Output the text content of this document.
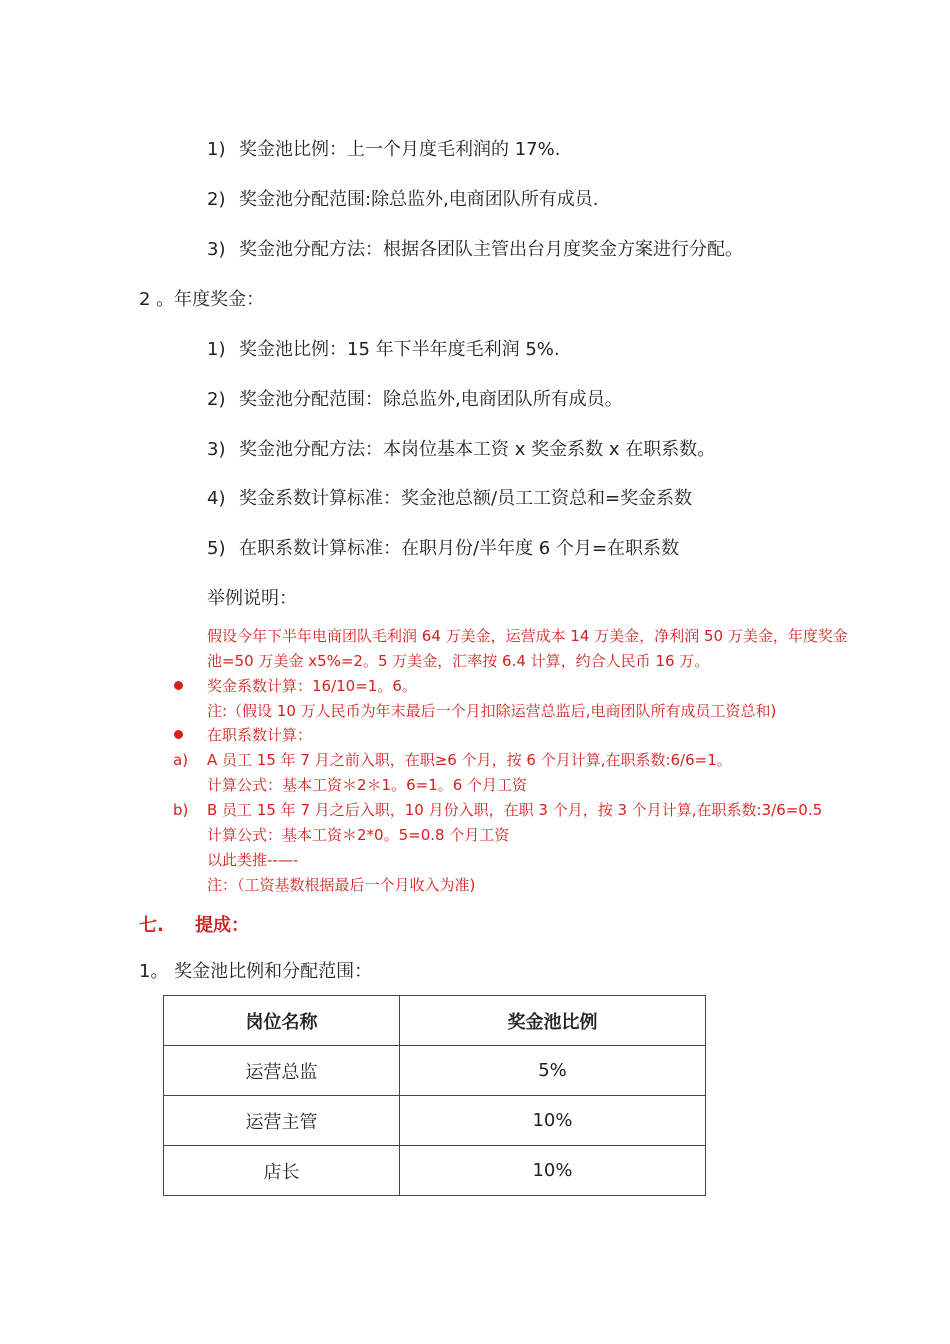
1) 奖金池比例：上一个月度毛利润的 17%.
2) 奖金池分配范围:除总监外,电商团队所有成员.
3) 奖金池分配方法：根据各团队主管出台月度奖金方案进行分配。
2 。年度奖金：
1) 奖金池比例：15 年下半年度毛利润 5%.
2) 奖金池分配范围：除总监外,电商团队所有成员。
3) 奖金池分配方法：本岗位基本工资 x 奖金系数 x 在职系数。
4) 奖金系数计算标准：奖金池总额/员工工资总和=奖金系数
5) 在职系数计算标准：在职月份/半年度 6 个月=在职系数
举例说明：
假设今年下半年电商团队毛利润 64 万美金，运营成本 14 万美金，净利润 50 万美金，年度奖金
池=50 万美金 x5%=2。5 万美金，汇率按 6.4 计算，约合人民币 16 万。
奖金系数计算：16/10=1。6。
注:（假设 10 万人民币为年末最后一个月扣除运营总监后,电商团队所有成员工资总和)
在职系数计算：
a) A 员工 15 年 7 月之前入职，在职≥6 个月，按 6 个月计算,在职系数:6/6=1。
计算公式：基本工资＊2＊1。6=1。6 个月工资
b) B 员工 15 年 7 月之后入职，10 月份入职，在职 3 个月，按 3 个月计算,在职系数:3/6=0.5
计算公式：基本工资＊2*0。5=0.8 个月工资
以此类推--—-
注：（工资基数根据最后一个月收入为准)
七. 提成：
1。 奖金池比例和分配范围：
岗位名称	奖金池比例
运营总监	5%
运营主管	10%
店长	10%
